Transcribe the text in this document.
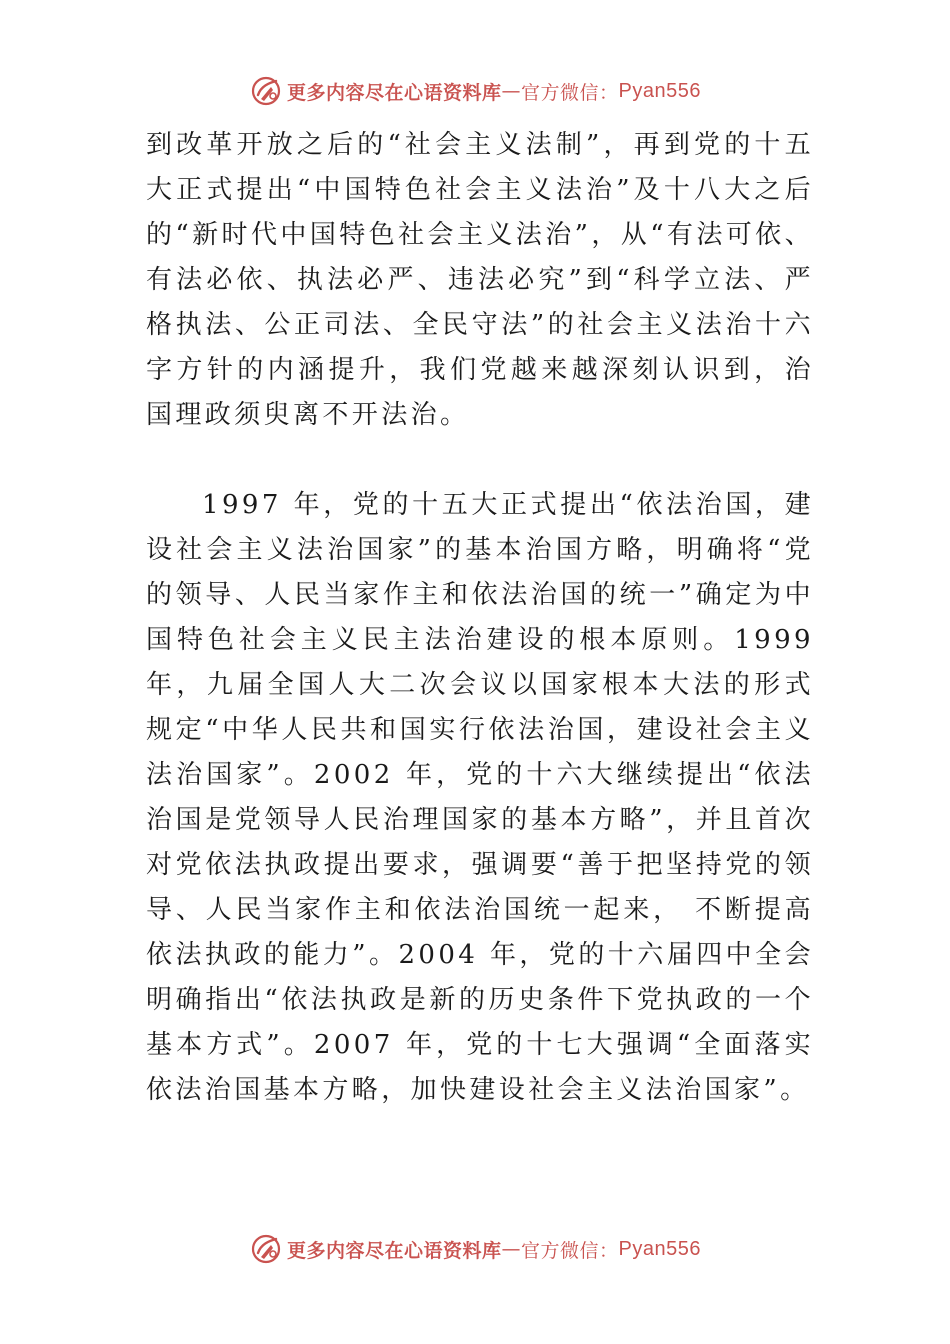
更多内容尽在心语资料库 — 官方微信： Pyan556

到改革开放之后的“社会主义法制”，再到党的十五大正式提出“中国特色社会主义法治”及十八大之后的“新时代中国特色社会主义法治”，从“有法可依、有法必依、执法必严、违法必究”到“科学立法、严格执法、公正司法、全民守法”的社会主义法治十六字方针的内涵提升，我们党越来越深刻认识到，治国理政须臾离不开法治。

1997 年，党的十五大正式提出“依法治国，建设社会主义法治国家”的基本治国方略，明确将“党的领导、人民当家作主和依法治国的统一”确定为中国特色社会主义民主法治建设的根本原则。1999 年，九届全国人大二次会议以国家根本大法的形式规定“中华人民共和国实行依法治国，建设社会主义法治国家”。2002 年，党的十六大继续提出“依法治国是党领导人民治理国家的基本方略”，并且首次对党依法执政提出要求，强调要“善于把坚持党的领导、人民当家作主和依法治国统一起来， 不断提高依法执政的能力”。2004 年，党的十六届四中全会明确指出“依法执政是新的历史条件下党执政的一个基本方式”。2007 年，党的十七大强调“全面落实依法治国基本方略，加快建设社会主义法治国家”。

更多内容尽在心语资料库 — 官方微信： Pyan556
